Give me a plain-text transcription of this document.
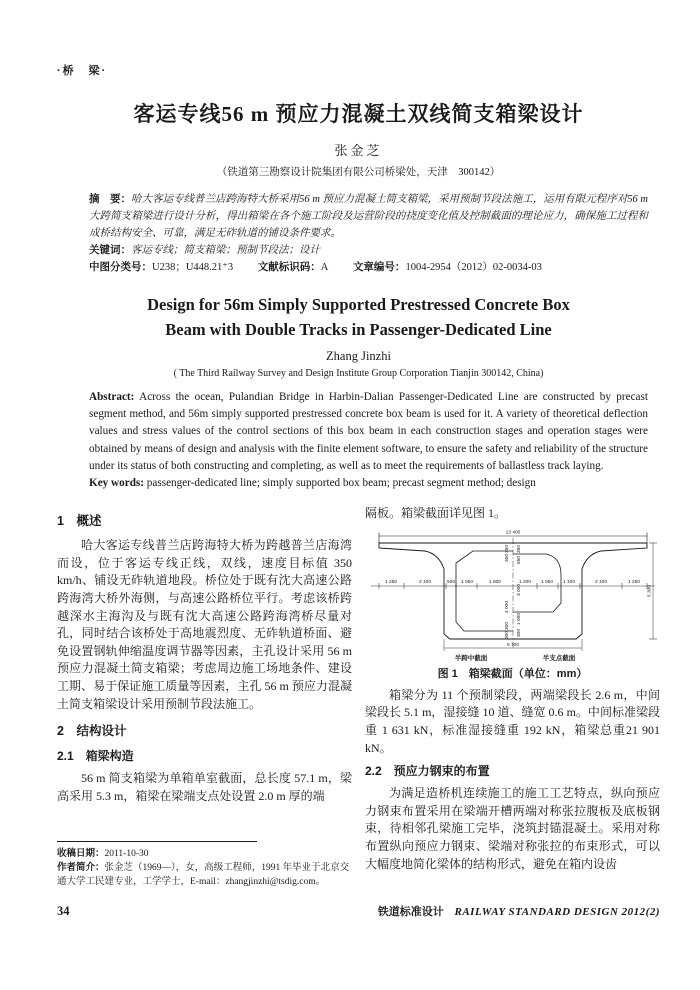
·桥　梁·
客运专线56 m 预应力混凝土双线简支箱梁设计
张金芝
（铁道第三勘察设计院集团有限公司桥梁处，天津　300142）
摘　要：哈大客运专线普兰店跨海特大桥采用56 m 预应力混凝土简支箱梁，采用预制节段法施工，运用有限元程序对56 m 大跨简支箱梁进行设计分析，得出箱梁在各个施工阶段及运营阶段的挠度变化值及控制截面的理论应力，确保施工过程和成桥结构安全、可靠，满足无砟轨道的铺设条件要求。
关键词：客运专线；简支箱梁；预制节段法；设计
中图分类号：U238；U448.21⁺3 文献标识码：A 文章编号：1004-2954（2012）02-0034-03
Design for 56m Simply Supported Prestressed Concrete Box
Beam with Double Tracks in Passenger-Dedicated Line
Zhang Jinzhi
( The Third Railway Survey and Design Institute Group Corporation Tianjin 300142, China)
Abstract: Across the ocean, Pulandian Bridge in Harbin-Dalian Passenger-Dedicated Line are constructed by precast segment method, and 56m simply supported prestressed concrete box beam is used for it. A variety of theoretical deflection values and stress values of the control sections of this box beam in each construction stages and operation stages were obtained by means of design and analysis with the finite element software, to ensure the safety and reliability of the structure under its status of both constructing and completing, as well as to meet the requirements of ballastless track laying.
Key words: passenger-dedicated line; simply supported box beam; precast segment method; design
1　概述

哈大客运专线普兰店跨海特大桥为跨越普兰店海湾而设，位于客运专线正线，双线，速度目标值 350 km/h、铺设无砟轨道地段。桥位处于既有沈大高速公路跨海湾大桥外海侧，与高速公路桥位平行。考虑该桥跨越深水主海沟及与既有沈大高速公路跨海湾桥尽量对孔，同时结合该桥处于高地震烈度、无砟轨道桥面、避免设置钢轨伸缩温度调节器等因素，主孔设计采用 56 m 预应力混凝土简支箱梁；考虑周边施工场地条件、建设工期、易于保证施工质量等因素，主孔 56 m 预应力混凝土简支箱梁设计采用预制节段法施工。

2　结构设计
2.1　箱梁构造

56 m 简支箱梁为单箱单室截面，总长度 57.1 m，梁高采用 5.3 m，箱梁在梁端支点处设置 2.0 m 厚的端

收稿日期：2011-10-30
作者简介：张金芝（1969—），女，高级工程师，1991 年毕业于北京交通大学工民建专业，工学学士，E-mail：zhangjinzhi@tsdig.com。

隔板。箱梁截面详见图 1。

13 400
1 250	2 100	500 1 050	1 800	1 200 1 050 1 100	2 100	1 250
350
350
4 000
300
300
350
650
3 000
1 000
300
5 300
6 700
半跨中截面	半支点截面
图 1　箱梁截面（单位：mm）

箱梁分为 11 个预制梁段，两端梁段长 2.6 m，中间梁段长 5.1 m，湿接缝 10 道、缝宽 0.6 m。中间标准梁段重 1 631 kN，标准湿接缝重 192 kN，箱梁总重21 901 kN。

2.2　预应力钢束的布置

为满足造桥机连续施工的施工工艺特点，纵向预应力钢束布置采用在梁端开槽两端对称张拉腹板及底板钢束，待相邻孔梁施工完毕，浇筑封锚混凝土。采用对称布置纵向预应力钢束、梁端对称张拉的布束形式，可以大幅度地简化梁体的结构形式，避免在箱内设齿

34	铁道标准设计 RAILWAY STANDARD DESIGN 2012(2)
